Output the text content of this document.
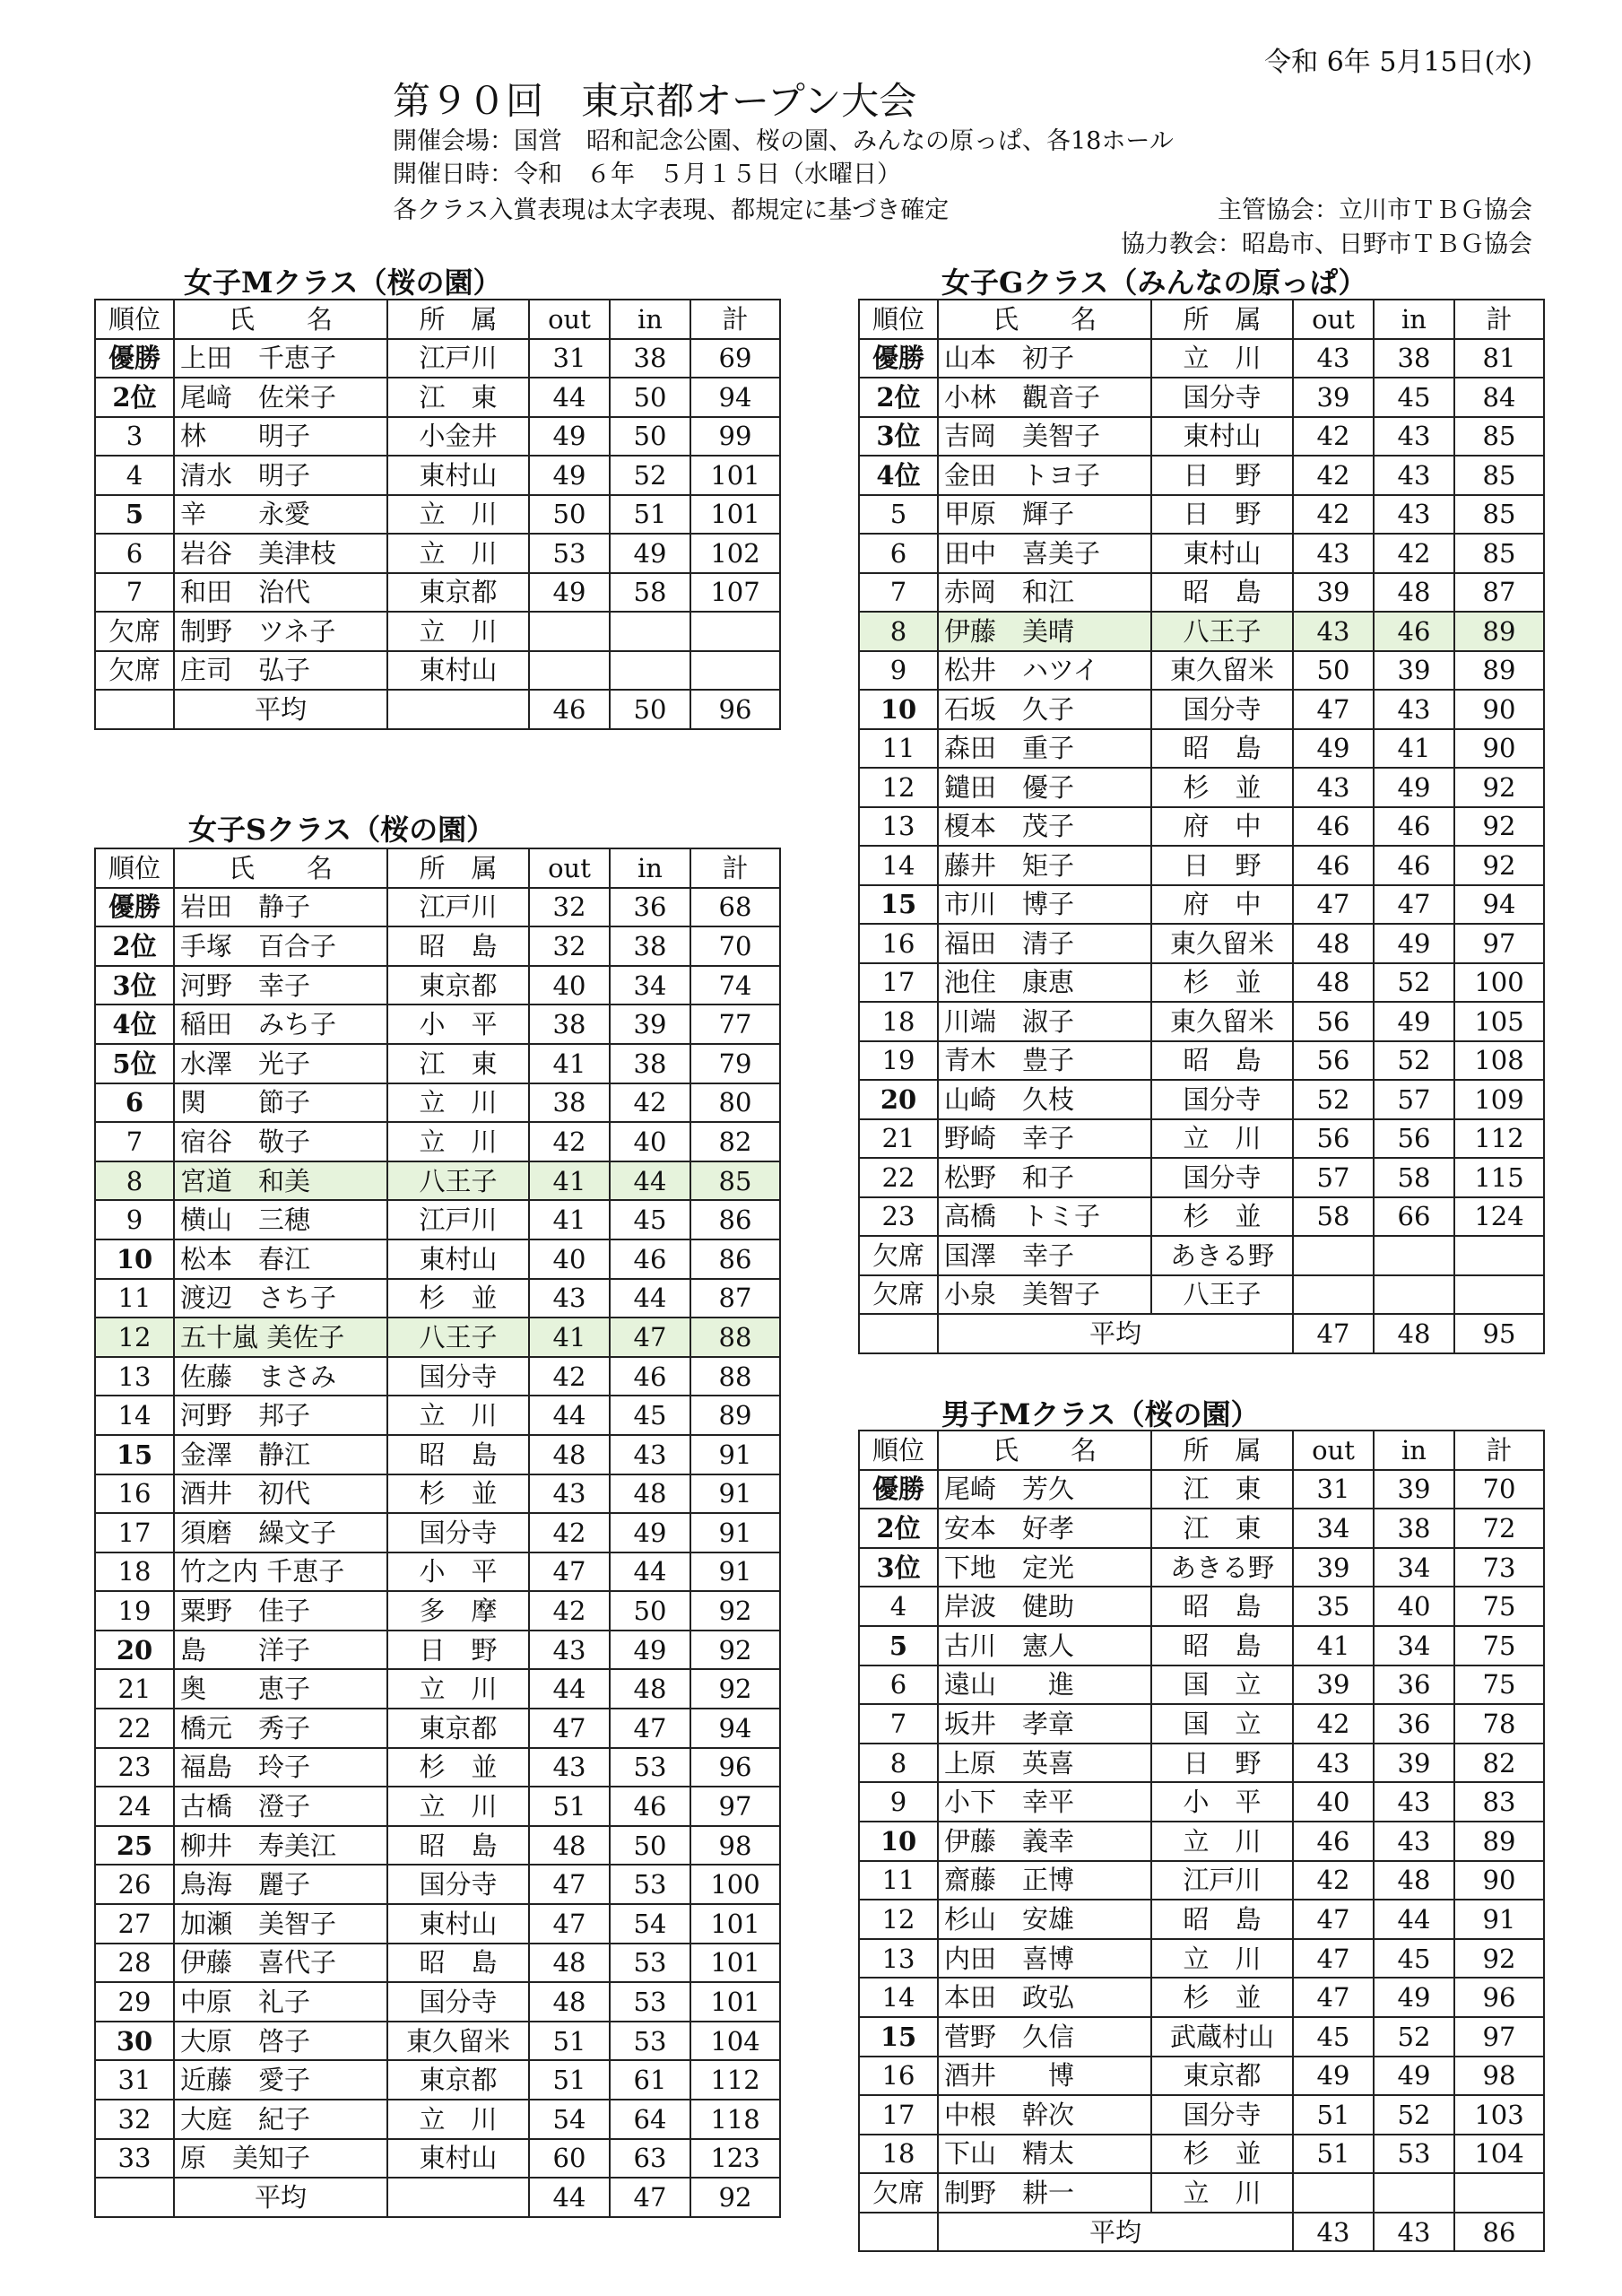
令和 6年 5月15日(水)
第９０回　東京都オープン大会
開催会場：国営　昭和記念公園、桜の園、みんなの原っぱ、各18ホール
開催日時：令和　６年　５月１５日（水曜日）
各クラス入賞表現は太字表現、都規定に基づき確定	主管協会：立川市ＴＢＧ協会
協力教会：昭島市、日野市ＴＢＧ協会
女子Mクラス（桜の園）
女子Sクラス（桜の園）
女子Gクラス（みんなの原っぱ）
男子Mクラス（桜の園）
順位	氏　　名	所　属	out	in	計
優勝	上田　千恵子	江戸川	31	38	69
2位	尾﨑　佐栄子	江　東	44	50	94
3	林　　明子	小金井	49	50	99
4	清水　明子	東村山	49	52	101
5	辛　　永愛	立　川	50	51	101
6	岩谷　美津枝	立　川	53	49	102
7	和田　治代	東京都	49	58	107
欠席	制野　ツネ子	立　川			
欠席	庄司　弘子	東村山			
	平均		46	50	96
順位	氏　　名	所　属	out	in	計
優勝	岩田　静子	江戸川	32	36	68
2位	手塚　百合子	昭　島	32	38	70
3位	河野　幸子	東京都	40	34	74
4位	稲田　みち子	小　平	38	39	77
5位	水澤　光子	江　東	41	38	79
6	関　　節子	立　川	38	42	80
7	宿谷　敬子	立　川	42	40	82
8	宮道　和美	八王子	41	44	85
9	横山　三穂	江戸川	41	45	86
10	松本　春江	東村山	40	46	86
11	渡辺　さち子	杉　並	43	44	87
12	五十嵐 美佐子	八王子	41	47	88
13	佐藤　まさみ	国分寺	42	46	88
14	河野　邦子	立　川	44	45	89
15	金澤　静江	昭　島	48	43	91
16	酒井　初代	杉　並	43	48	91
17	須磨　繰文子	国分寺	42	49	91
18	竹之内 千恵子	小　平	47	44	91
19	粟野　佳子	多　摩	42	50	92
20	島　　洋子	日　野	43	49	92
21	奥　　恵子	立　川	44	48	92
22	橋元　秀子	東京都	47	47	94
23	福島　玲子	杉　並	43	53	96
24	古橋　澄子	立　川	51	46	97
25	柳井　寿美江	昭　島	48	50	98
26	鳥海　麗子	国分寺	47	53	100
27	加瀬　美智子	東村山	47	54	101
28	伊藤　喜代子	昭　島	48	53	101
29	中原　礼子	国分寺	48	53	101
30	大原　啓子	東久留米	51	53	104
31	近藤　愛子	東京都	51	61	112
32	大庭　紀子	立　川	54	64	118
33	原　美知子	東村山	60	63	123
	平均		44	47	92
順位	氏　　名	所　属	out	in	計
優勝	山本　初子	立　川	43	38	81
2位	小林　觀音子	国分寺	39	45	84
3位	吉岡　美智子	東村山	42	43	85
4位	金田　トヨ子	日　野	42	43	85
5	甲原　輝子	日　野	42	43	85
6	田中　喜美子	東村山	43	42	85
7	赤岡　和江	昭　島	39	48	87
8	伊藤　美晴	八王子	43	46	89
9	松井　ハツイ	東久留米	50	39	89
10	石坂　久子	国分寺	47	43	90
11	森田　重子	昭　島	49	41	90
12	鑓田　優子	杉　並	43	49	92
13	榎本　茂子	府　中	46	46	92
14	藤井　矩子	日　野	46	46	92
15	市川　博子	府　中	47	47	94
16	福田　清子	東久留米	48	49	97
17	池住　康恵	杉　並	48	52	100
18	川端　淑子	東久留米	56	49	105
19	青木　豊子	昭　島	56	52	108
20	山崎　久枝	国分寺	52	57	109
21	野崎　幸子	立　川	56	56	112
22	松野　和子	国分寺	57	58	115
23	高橋　トミ子	杉　並	58	66	124
欠席	国澤　幸子	あきる野			
欠席	小泉　美智子	八王子			
	平均		47	48	95
順位	氏　　名	所　属	out	in	計
優勝	尾崎　芳久	江　東	31	39	70
2位	安本　好孝	江　東	34	38	72
3位	下地　定光	あきる野	39	34	73
4	岸波　健助	昭　島	35	40	75
5	古川　憲人	昭　島	41	34	75
6	遠山　　進	国　立	39	36	75
7	坂井　孝章	国　立	42	36	78
8	上原　英喜	日　野	43	39	82
9	小下　幸平	小　平	40	43	83
10	伊藤　義幸	立　川	46	43	89
11	齋藤　正博	江戸川	42	48	90
12	杉山　安雄	昭　島	47	44	91
13	内田　喜博	立　川	47	45	92
14	本田　政弘	杉　並	47	49	96
15	菅野　久信	武蔵村山	45	52	97
16	酒井　　博	東京都	49	49	98
17	中根　幹次	国分寺	51	52	103
18	下山　精太	杉　並	51	53	104
欠席	制野　耕一	立　川			
	平均		43	43	86
